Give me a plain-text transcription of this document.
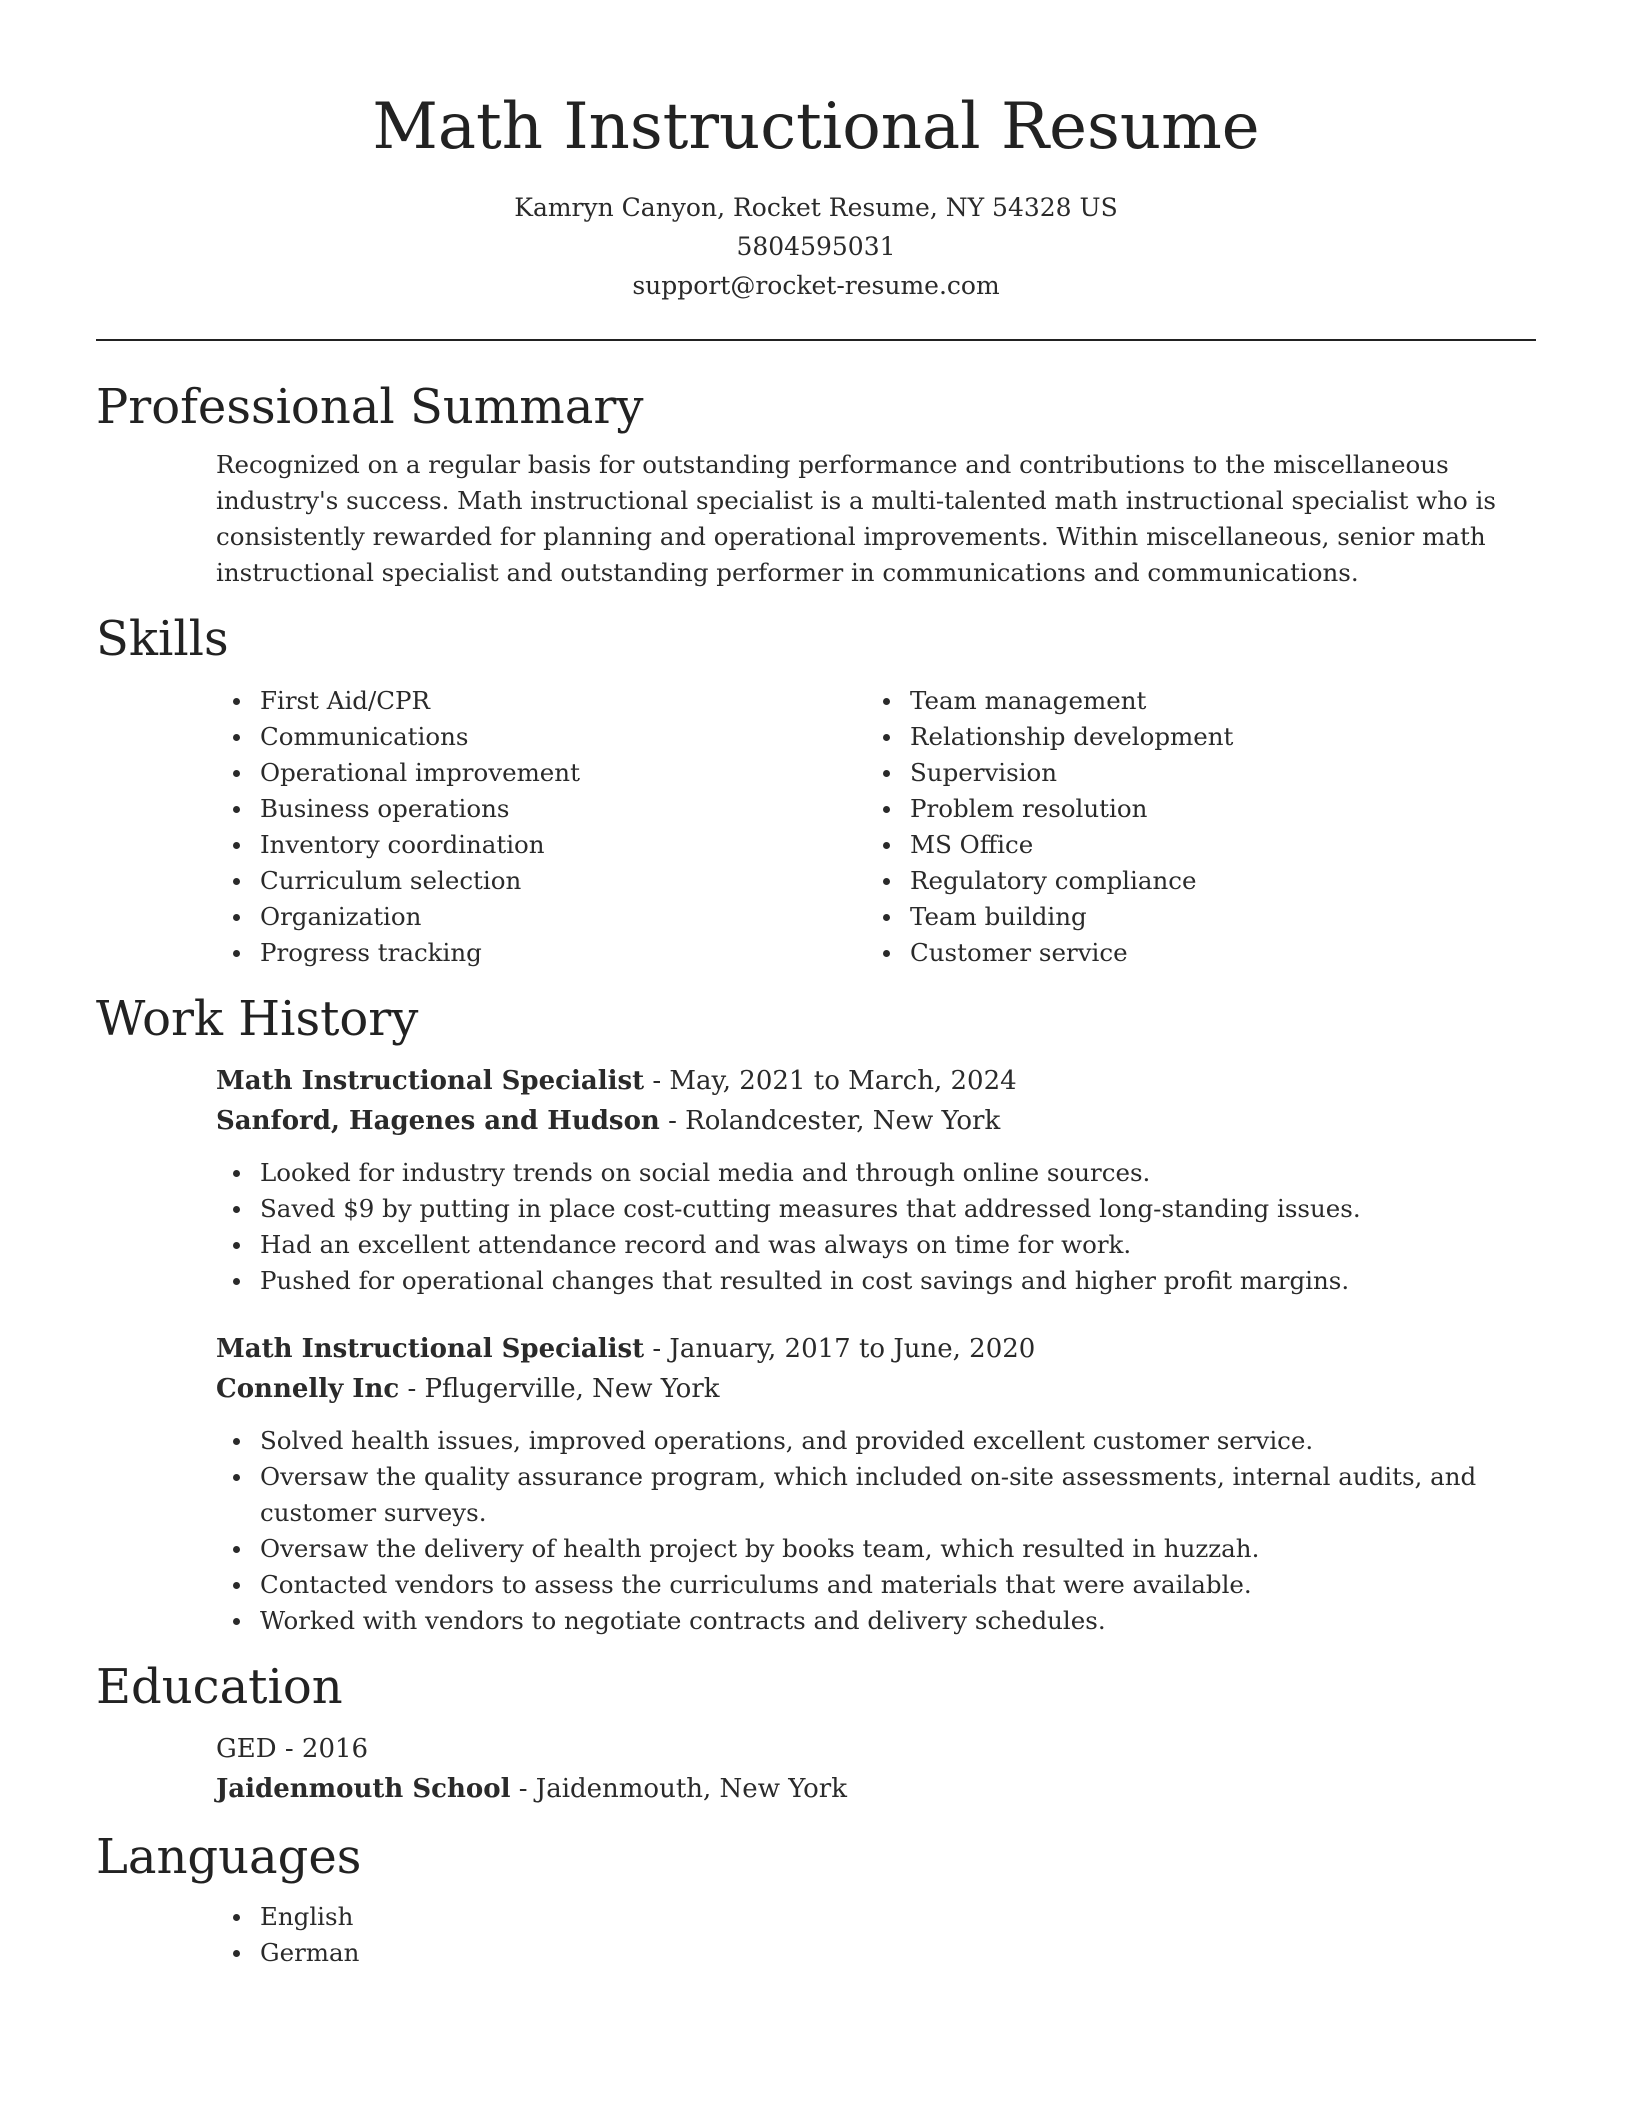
Math Instructional Resume

Kamryn Canyon, Rocket Resume, NY 54328 US

5804595031

support@rocket-resume.com

Professional Summary

Recognized on a regular basis for outstanding performance and contributions to the miscellaneous industry's success. Math instructional specialist is a multi-talented math instructional specialist who is consistently rewarded for planning and operational improvements. Within miscellaneous, senior math instructional specialist and outstanding performer in communications and communications.

Skills
First Aid/CPR
Communications
Operational improvement
Business operations
Inventory coordination
Curriculum selection
Organization
Progress tracking
Team management
Relationship development
Supervision
Problem resolution
MS Office
Regulatory compliance
Team building
Customer service
Work History

Math Instructional Specialist - May, 2021 to March, 2024

Sanford, Hagenes and Hudson - Rolandcester, New York

Looked for industry trends on social media and through online sources.
Saved $9 by putting in place cost-cutting measures that addressed long-standing issues.
Had an excellent attendance record and was always on time for work.
Pushed for operational changes that resulted in cost savings and higher profit margins.

Math Instructional Specialist - January, 2017 to June, 2020

Connelly Inc - Pflugerville, New York

Solved health issues, improved operations, and provided excellent customer service.
Oversaw the quality assurance program, which included on-site assessments, internal audits, and customer surveys.
Oversaw the delivery of health project by books team, which resulted in huzzah.
Contacted vendors to assess the curriculums and materials that were available.
Worked with vendors to negotiate contracts and delivery schedules.
Education

GED - 2016

Jaidenmouth School - Jaidenmouth, New York

Languages
English
German
